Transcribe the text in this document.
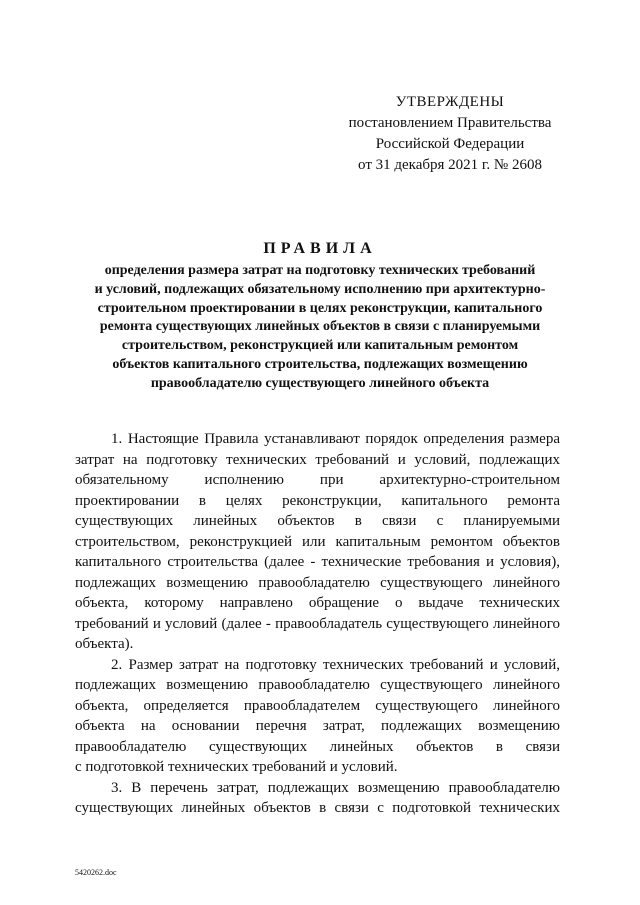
УТВЕРЖДЕНЫ
постановлением Правительства
Российской Федерации
от 31 декабря 2021 г. № 2608
ПРАВИЛА
определения размера затрат на подготовку технических требований
и условий, подлежащих обязательному исполнению при архитектурно-
строительном проектировании в целях реконструкции, капитального
ремонта существующих линейных объектов в связи с планируемыми
строительством, реконструкцией или капитальным ремонтом
объектов капитального строительства, подлежащих возмещению
правообладателю существующего линейного объекта
1. Настоящие Правила устанавливают порядок определения размера
затрат на подготовку технических требований и условий, подлежащих
обязательному исполнению при архитектурно-строительном
проектировании в целях реконструкции, капитального ремонта
существующих линейных объектов в связи с планируемыми
строительством, реконструкцией или капитальным ремонтом объектов
капитального строительства (далее - технические требования и условия),
подлежащих возмещению правообладателю существующего линейного
объекта, которому направлено обращение о выдаче технических
требований и условий (далее - правообладатель существующего линейного
объекта).
2. Размер затрат на подготовку технических требований и условий,
подлежащих возмещению правообладателю существующего линейного
объекта, определяется правообладателем существующего линейного
объекта на основании перечня затрат, подлежащих возмещению
правообладателю существующих линейных объектов в связи
с подготовкой технических требований и условий.
3. В перечень затрат, подлежащих возмещению правообладателю
существующих линейных объектов в связи с подготовкой технических
5420262.doc
